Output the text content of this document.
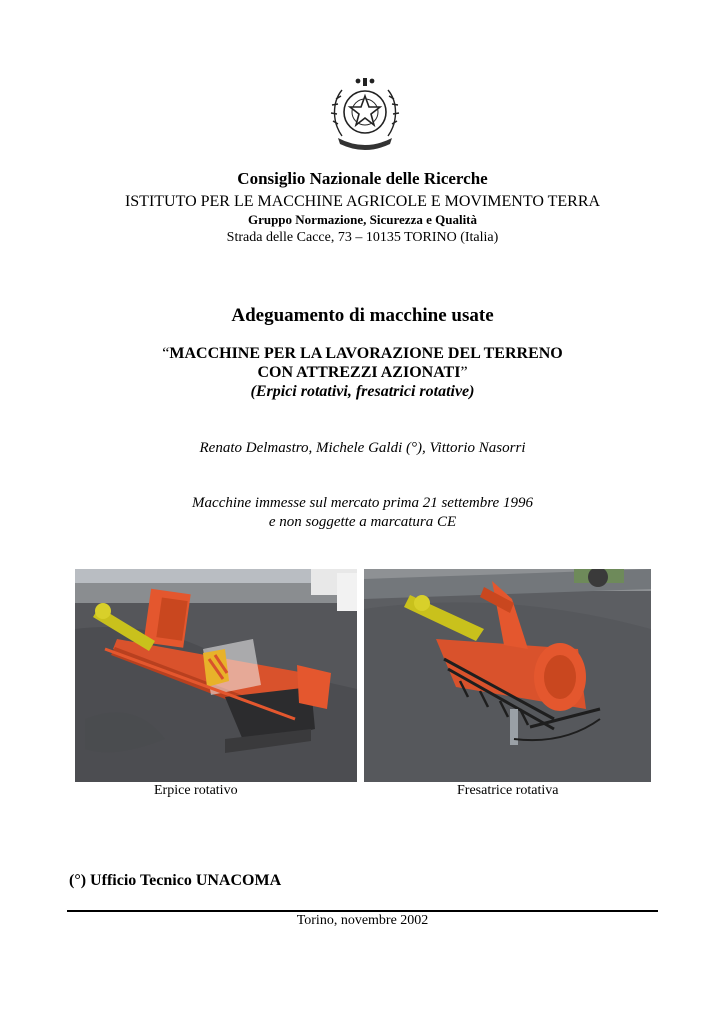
Consiglio Nazionale delle Ricerche
ISTITUTO PER LE MACCHINE AGRICOLE E MOVIMENTO TERRA
Gruppo Normazione, Sicurezza e Qualità
Strada delle Cacce, 73 – 10135 TORINO (Italia)
Adeguamento di macchine usate
“MACCHINE PER LA LAVORAZIONE DEL TERRENO
CON ATTREZZI AZIONATI”
(Erpici rotativi, fresatrici rotative)
Renato Delmastro, Michele Galdi (°), Vittorio Nasorri
Macchine immesse sul mercato prima 21 settembre 1996
e non soggette a marcatura CE
Erpice rotativo	Fresatrice rotativa
(°) Ufficio Tecnico UNACOMA
Torino, novembre 2002
